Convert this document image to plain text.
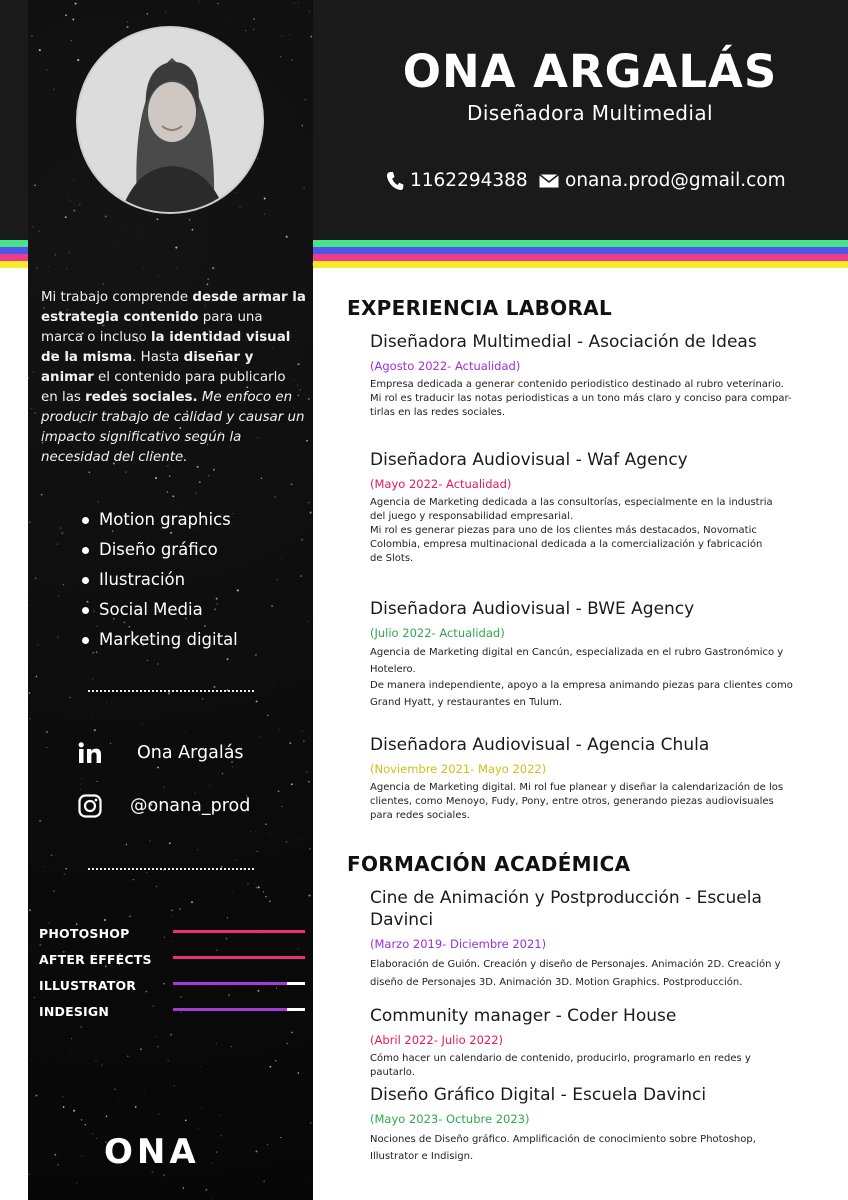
Mi trabajo comprende desde armar la estrategia contenido para una marca o incluso la identidad visual de la misma. Hasta diseñar y animar el contenido para publicarlo en las redes sociales. Me enfoco en producir trabajo de calidad y causar un impacto significativo según la necesidad del cliente.
Motion graphics
Diseño gráfico
Ilustración
Social Media
Marketing digital
Ona Argalás
@onana_prod
PHOTOSHOP
AFTER EFFECTS
ILLUSTRATOR
INDESIGN
ONA
ONA ARGALÁS
Diseñadora Multimedial
1162294388 onana.prod@gmail.com
EXPERIENCIA LABORAL
Diseñadora Multimedial - Asociación de Ideas
(Agosto 2022- Actualidad)
Empresa dedicada a generar contenido periodistico destinado al rubro veterinario.
Mi rol es traducir las notas periodisticas a un tono más claro y conciso para compar-
tirlas en las redes sociales.
Diseñadora Audiovisual - Waf Agency
(Mayo 2022- Actualidad)
Agencia de Marketing dedicada a las consultorías, especialmente en la industria
del juego y responsabilidad empresarial.
Mi rol es generar piezas para uno de los clientes más destacados, Novomatic
Colombia, empresa multinacional dedicada a la comercialización y fabricación
de Slots.
Diseñadora Audiovisual - BWE Agency
(Julio 2022- Actualidad)
Agencia de Marketing digital en Cancún, especializada en el rubro Gastronómico y
Hotelero.
De manera independiente, apoyo a la empresa animando piezas para clientes como
Grand Hyatt, y restaurantes en Tulum.
Diseñadora Audiovisual - Agencia Chula
(Noviembre 2021- Mayo 2022)
Agencia de Marketing digital. Mi rol fue planear y diseñar la calendarización de los
clientes, como Menoyo, Fudy, Pony, entre otros, generando piezas audiovisuales
para redes sociales.
FORMACIÓN ACADÉMICA
Cine de Animación y Postproducción - Escuela Davinci
(Marzo 2019- Diciembre 2021)
Elaboración de Guión. Creación y diseño de Personajes. Animación 2D. Creación y
diseño de Personajes 3D. Animación 3D. Motion Graphics. Postproducción.
Community manager - Coder House
(Abril 2022- Julio 2022)
Cómo hacer un calendario de contenido, producirlo, programarlo en redes y pautarlo.
Diseño Gráfico Digital - Escuela Davinci
(Mayo 2023- Octubre 2023)
Nociones de Diseño gráfico. Amplificación de conocimiento sobre Photoshop,
Illustrator e Indisign.
